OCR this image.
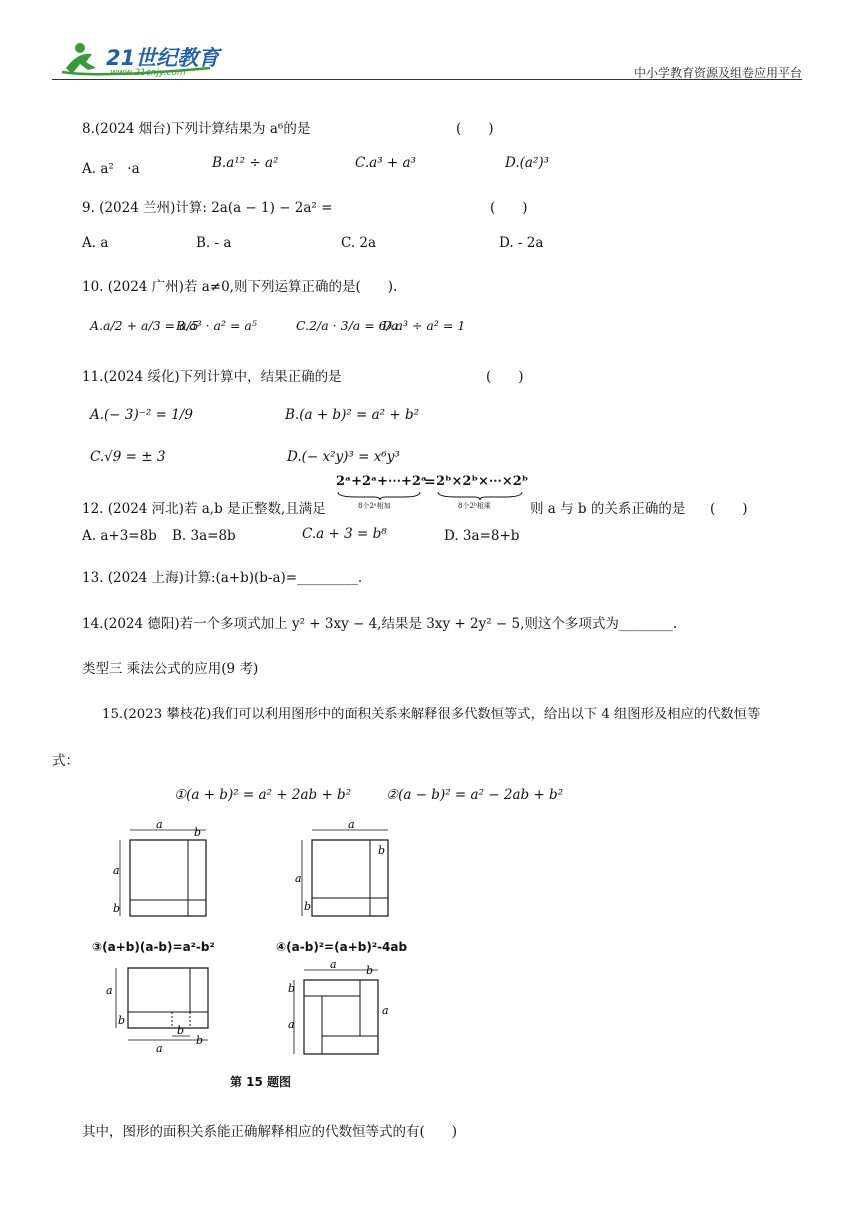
21世纪教育
www.21cnjy.com	中小学教育资源及组卷应用平台
8.(2024 烟台)下列计算结果为 a⁶的是	(　　)
A. a²　·a	B.a¹² ÷ a²	C.a³ + a³	D.(a²)³
9. (2024 兰州)计算: 2a(a − 1) − 2a² =	(　　)
A. a	B. - a	C. 2a	D. - 2a
10. (2024 广州)若 a≠0,则下列运算正确的是(　　).
A.a/2 + a/3 = a/5
B.a³ · a² = a⁵	C.2/a · 3/a = 6/a
D.a³ ÷ a² = 1
11.(2024 绥化)下列计算中，结果正确的是	(　　)
A.(− 3)⁻² = 1/9	B.(a + b)² = a² + b²
C.√9 = ± 3	D.(− x²y)³ = x⁶y³
12. (2024 河北)若 a,b 是正整数,且满足
2ᵃ+2ᵃ+⋯+2ᵃ
= 2ᵇ×2ᵇ×⋯×2ᵇ
8个2ᵃ相加	8个2ᵇ相乘	则 a 与 b 的关系正确的是 (　　)
A. a+3=8b B. 3a=8b	C.a + 3 = b⁸	D. 3a=8+b
13. (2024 上海)计算:(a+b)(b-a)=_________.
14.(2024 德阳)若一个多项式加上 y² + 3xy − 4,结果是 3xy + 2y² − 5,则这个多项式为________.
类型三 乘法公式的应用(9 考)
15.(2023 攀枝花)我们可以利用图形中的面积关系来解释很多代数恒等式，给出以下 4 组图形及相应的代数恒等
式：
①(a + b)² = a² + 2ab + b²	②(a − b)² = a² − 2ab + b²
a
b
a
b
a
b
a
b
③(a+b)(a-b)=a²-b²	④(a-b)²=(a+b)²-4ab
a
b
a
b
b
a	b
b
a
a
第 15 题图
其中，图形的面积关系能正确解释相应的代数恒等式的有(　　)
